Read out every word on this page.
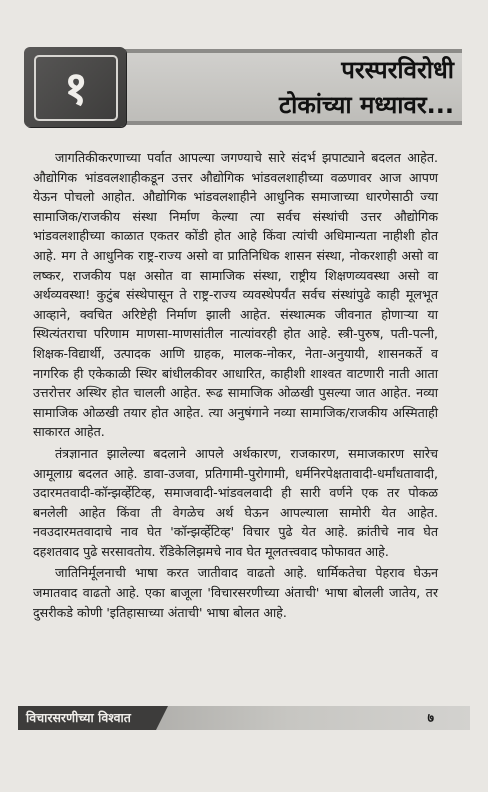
१	परस्परविरोधी
टोकांच्या मध्यावर...

जागतिकीकरणाच्या पर्वात आपल्या जगण्याचे सारे संदर्भ झपाट्याने बदलत आहेत. औद्योगिक भांडवलशाहीकडून उत्तर औद्योगिक भांडवलशाहीच्या वळणावर आज आपण येऊन पोचलो आहोत. औद्योगिक भांडवलशाहीने आधुनिक समाजाच्या धारणेसाठी ज्या सामाजिक/राजकीय संस्था निर्माण केल्या त्या सर्वच संस्थांची उत्तर औद्योगिक भांडवलशाहीच्या काळात एकतर कोंडी होत आहे किंवा त्यांची अधिमान्यता नाहीशी होत आहे. मग ते आधुनिक राष्ट्र-राज्य असो वा प्रातिनिधिक शासन संस्था, नोकरशाही असो वा लष्कर, राजकीय पक्ष असोत वा सामाजिक संस्था, राष्ट्रीय शिक्षणव्यवस्था असो वा अर्थव्यवस्था! कुटुंब संस्थेपासून ते राष्ट्र-राज्य व्यवस्थेपर्यंत सर्वच संस्थांपुढे काही मूलभूत आव्हाने, क्वचित अरिष्टेही निर्माण झाली आहेत. संस्थात्मक जीवनात होणाऱ्या या स्थित्यंतराचा परिणाम माणसा-माणसांतील नात्यांवरही होत आहे. स्त्री-पुरुष, पती-पत्नी, शिक्षक-विद्यार्थी, उत्पादक आणि ग्राहक, मालक-नोकर, नेता-अनुयायी, शासनकर्ते व नागरिक ही एकेकाळी स्थिर बांधीलकीवर आधारित, काहीशी शाश्वत वाटणारी नाती आता उत्तरोत्तर अस्थिर होत चालली आहेत. रूढ सामाजिक ओळखी पुसल्या जात आहेत. नव्या सामाजिक ओळखी तयार होत आहेत. त्या अनुषंगाने नव्या सामाजिक/राजकीय अस्मिताही साकारत आहेत.

तंत्रज्ञानात झालेल्या बदलाने आपले अर्थकारण, राजकारण, समाजकारण सारेच आमूलाग्र बदलत आहे. डावा-उजवा, प्रतिगामी-पुरोगामी, धर्मनिरपेक्षतावादी-धर्मांधतावादी, उदारमतवादी-कॉन्झर्व्हेटिव्ह, समाजवादी-भांडवलवादी ही सारी वर्णने एक तर पोकळ बनलेली आहेत किंवा ती वेगळेच अर्थ घेऊन आपल्याला सामोरी येत आहेत. नवउदारमतवादाचे नाव घेत 'कॉन्झर्व्हेटिव्ह' विचार पुढे येत आहे. क्रांतीचे नाव घेत दहशतवाद पुढे सरसावतोय. रॅडिकेलिझमचे नाव घेत मूलतत्त्ववाद फोफावत आहे.

जातिनिर्मूलनाची भाषा करत जातीवाद वाढतो आहे. धार्मिकतेचा पेहराव घेऊन जमातवाद वाढतो आहे. एका बाजूला 'विचारसरणीच्या अंताची' भाषा बोलली जातेय, तर दुसरीकडे कोणी 'इतिहासाच्या अंताची' भाषा बोलत आहे.

विचारसरणीच्या विश्वात	७
